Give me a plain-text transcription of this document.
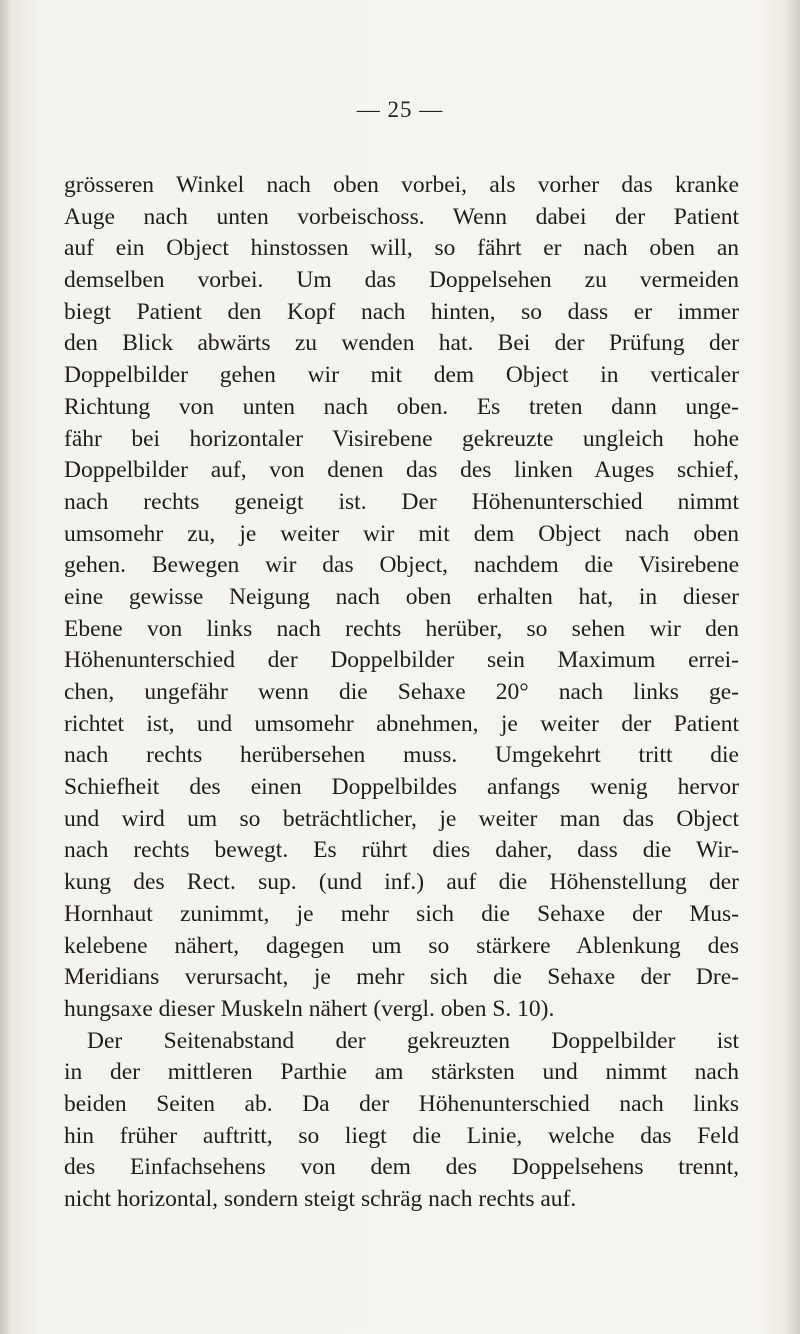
— 25 —
grösseren Winkel nach oben vorbei, als vorher das kranke
Auge nach unten vorbeischoss. Wenn dabei der Patient
auf ein Object hinstossen will, so fährt er nach oben an
demselben vorbei. Um das Doppelsehen zu vermeiden
biegt Patient den Kopf nach hinten, so dass er immer
den Blick abwärts zu wenden hat. Bei der Prüfung der
Doppelbilder gehen wir mit dem Object in verticaler
Richtung von unten nach oben. Es treten dann unge-
fähr bei horizontaler Visirebene gekreuzte ungleich hohe
Doppelbilder auf, von denen das des linken Auges schief,
nach rechts geneigt ist. Der Höhenunterschied nimmt
umsomehr zu, je weiter wir mit dem Object nach oben
gehen. Bewegen wir das Object, nachdem die Visirebene
eine gewisse Neigung nach oben erhalten hat, in dieser
Ebene von links nach rechts herüber, so sehen wir den
Höhenunterschied der Doppelbilder sein Maximum errei-
chen, ungefähr wenn die Sehaxe 20° nach links ge-
richtet ist, und umsomehr abnehmen, je weiter der Patient
nach rechts herübersehen muss. Umgekehrt tritt die
Schiefheit des einen Doppelbildes anfangs wenig hervor
und wird um so beträchtlicher, je weiter man das Object
nach rechts bewegt. Es rührt dies daher, dass die Wir-
kung des Rect. sup. (und inf.) auf die Höhenstellung der
Hornhaut zunimmt, je mehr sich die Sehaxe der Mus-
kelebene nähert, dagegen um so stärkere Ablenkung des
Meridians verursacht, je mehr sich die Sehaxe der Dre-
hungsaxe dieser Muskeln nähert (vergl. oben S. 10).
Der Seitenabstand der gekreuzten Doppelbilder ist
in der mittleren Parthie am stärksten und nimmt nach
beiden Seiten ab. Da der Höhenunterschied nach links
hin früher auftritt, so liegt die Linie, welche das Feld
des Einfachsehens von dem des Doppelsehens trennt,
nicht horizontal, sondern steigt schräg nach rechts auf.
